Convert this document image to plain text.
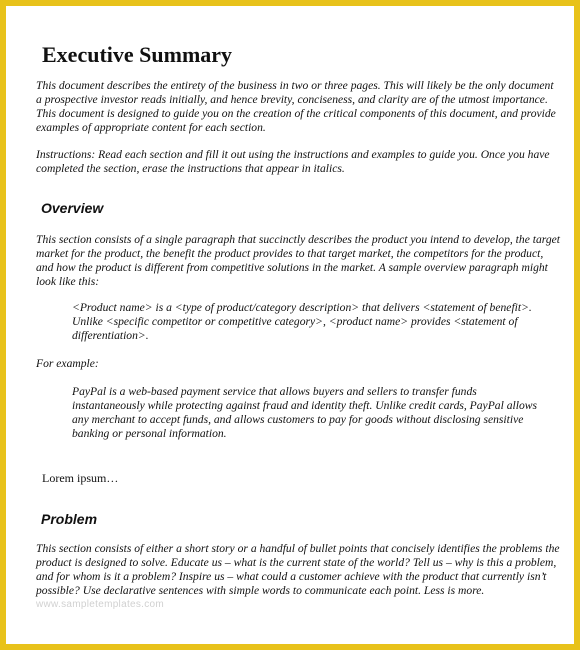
Executive Summary

This document describes the entirety of the business in two or three pages. This will likely be the only document a prospective investor reads initially, and hence brevity, conciseness, and clarity are of the utmost importance. This document is designed to guide you on the creation of the critical components of this document, and provide examples of appropriate content for each section.

Instructions: Read each section and fill it out using the instructions and examples to guide you. Once you have completed the section, erase the instructions that appear in italics.

Overview

This section consists of a single paragraph that succinctly describes the product you intend to develop, the target market for the product, the benefit the product provides to that target market, the competitors for the product, and how the product is different from competitive solutions in the market. A sample overview paragraph might look like this:

<Product name> is a <type of product/category description> that delivers <statement of benefit>. Unlike <specific competitor or competitive category>, <product name> provides <statement of differentiation>.

For example:

PayPal is a web-based payment service that allows buyers and sellers to transfer funds instantaneously while protecting against fraud and identity theft. Unlike credit cards, PayPal allows any merchant to accept funds, and allows customers to pay for goods without disclosing sensitive banking or personal information.

Lorem ipsum…

Problem

This section consists of either a short story or a handful of bullet points that concisely identifies the problems the product is designed to solve. Educate us – what is the current state of the world? Tell us – why is this a problem, and for whom is it a problem? Inspire us – what could a customer achieve with the product that currently isn’t possible? Use declarative sentences with simple words to communicate each point. Less is more.

www.sampletemplates.com
